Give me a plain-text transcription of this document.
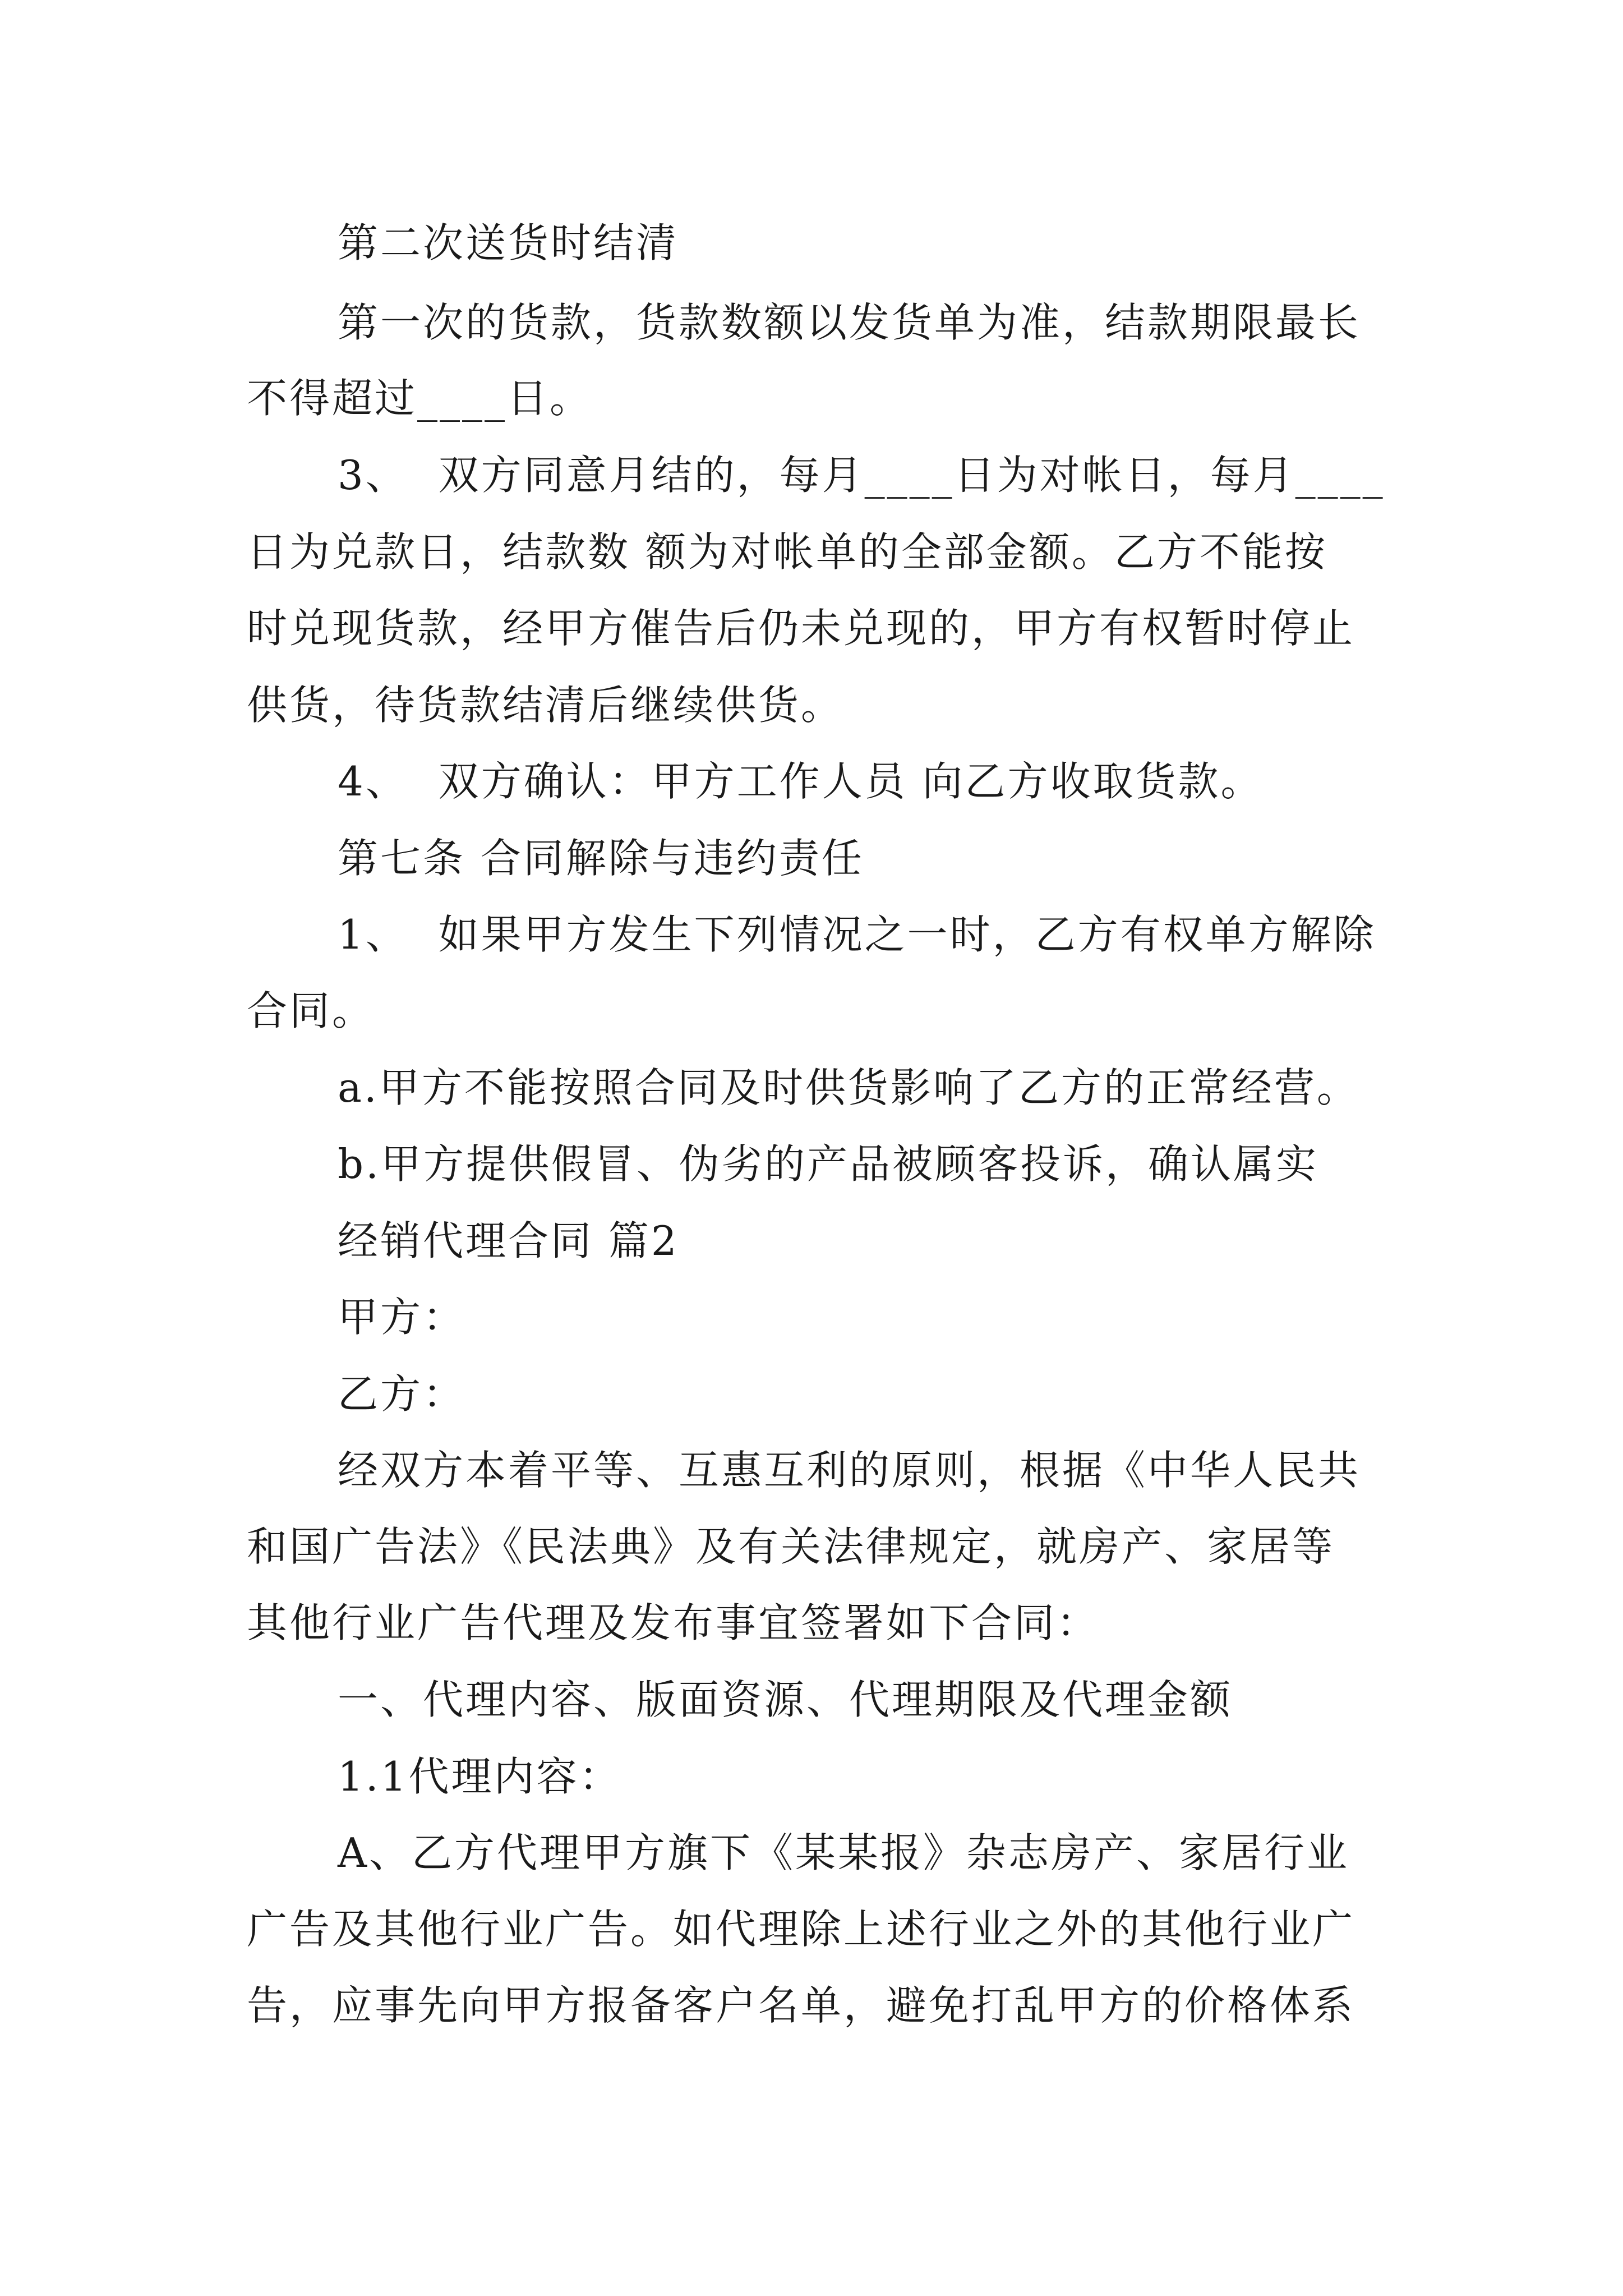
第二次送货时结清
第一次的货款，货款数额以发货单为准，结款期限最长
不得超过____日。
3、  双方同意月结的，每月____日为对帐日，每月____
日为兑款日，结款数 额为对帐单的全部金额。乙方不能按
时兑现货款，经甲方催告后仍未兑现的，甲方有权暂时停止
供货，待货款结清后继续供货。
4、  双方确认：甲方工作人员 向乙方收取货款。
第七条 合同解除与违约责任
1、  如果甲方发生下列情况之一时，乙方有权单方解除
合同。
a.甲方不能按照合同及时供货影响了乙方的正常经营。
b.甲方提供假冒、伪劣的产品被顾客投诉，确认属实
经销代理合同 篇2
甲方：
乙方：
经双方本着平等、互惠互利的原则，根据《中华人民共
和国广告法》《民法典》及有关法律规定，就房产、家居等
其他行业广告代理及发布事宜签署如下合同：
一、代理内容、版面资源、代理期限及代理金额
1.1代理内容：
A、乙方代理甲方旗下《某某报》杂志房产、家居行业
广告及其他行业广告。如代理除上述行业之外的其他行业广
告，应事先向甲方报备客户名单，避免打乱甲方的价格体系
